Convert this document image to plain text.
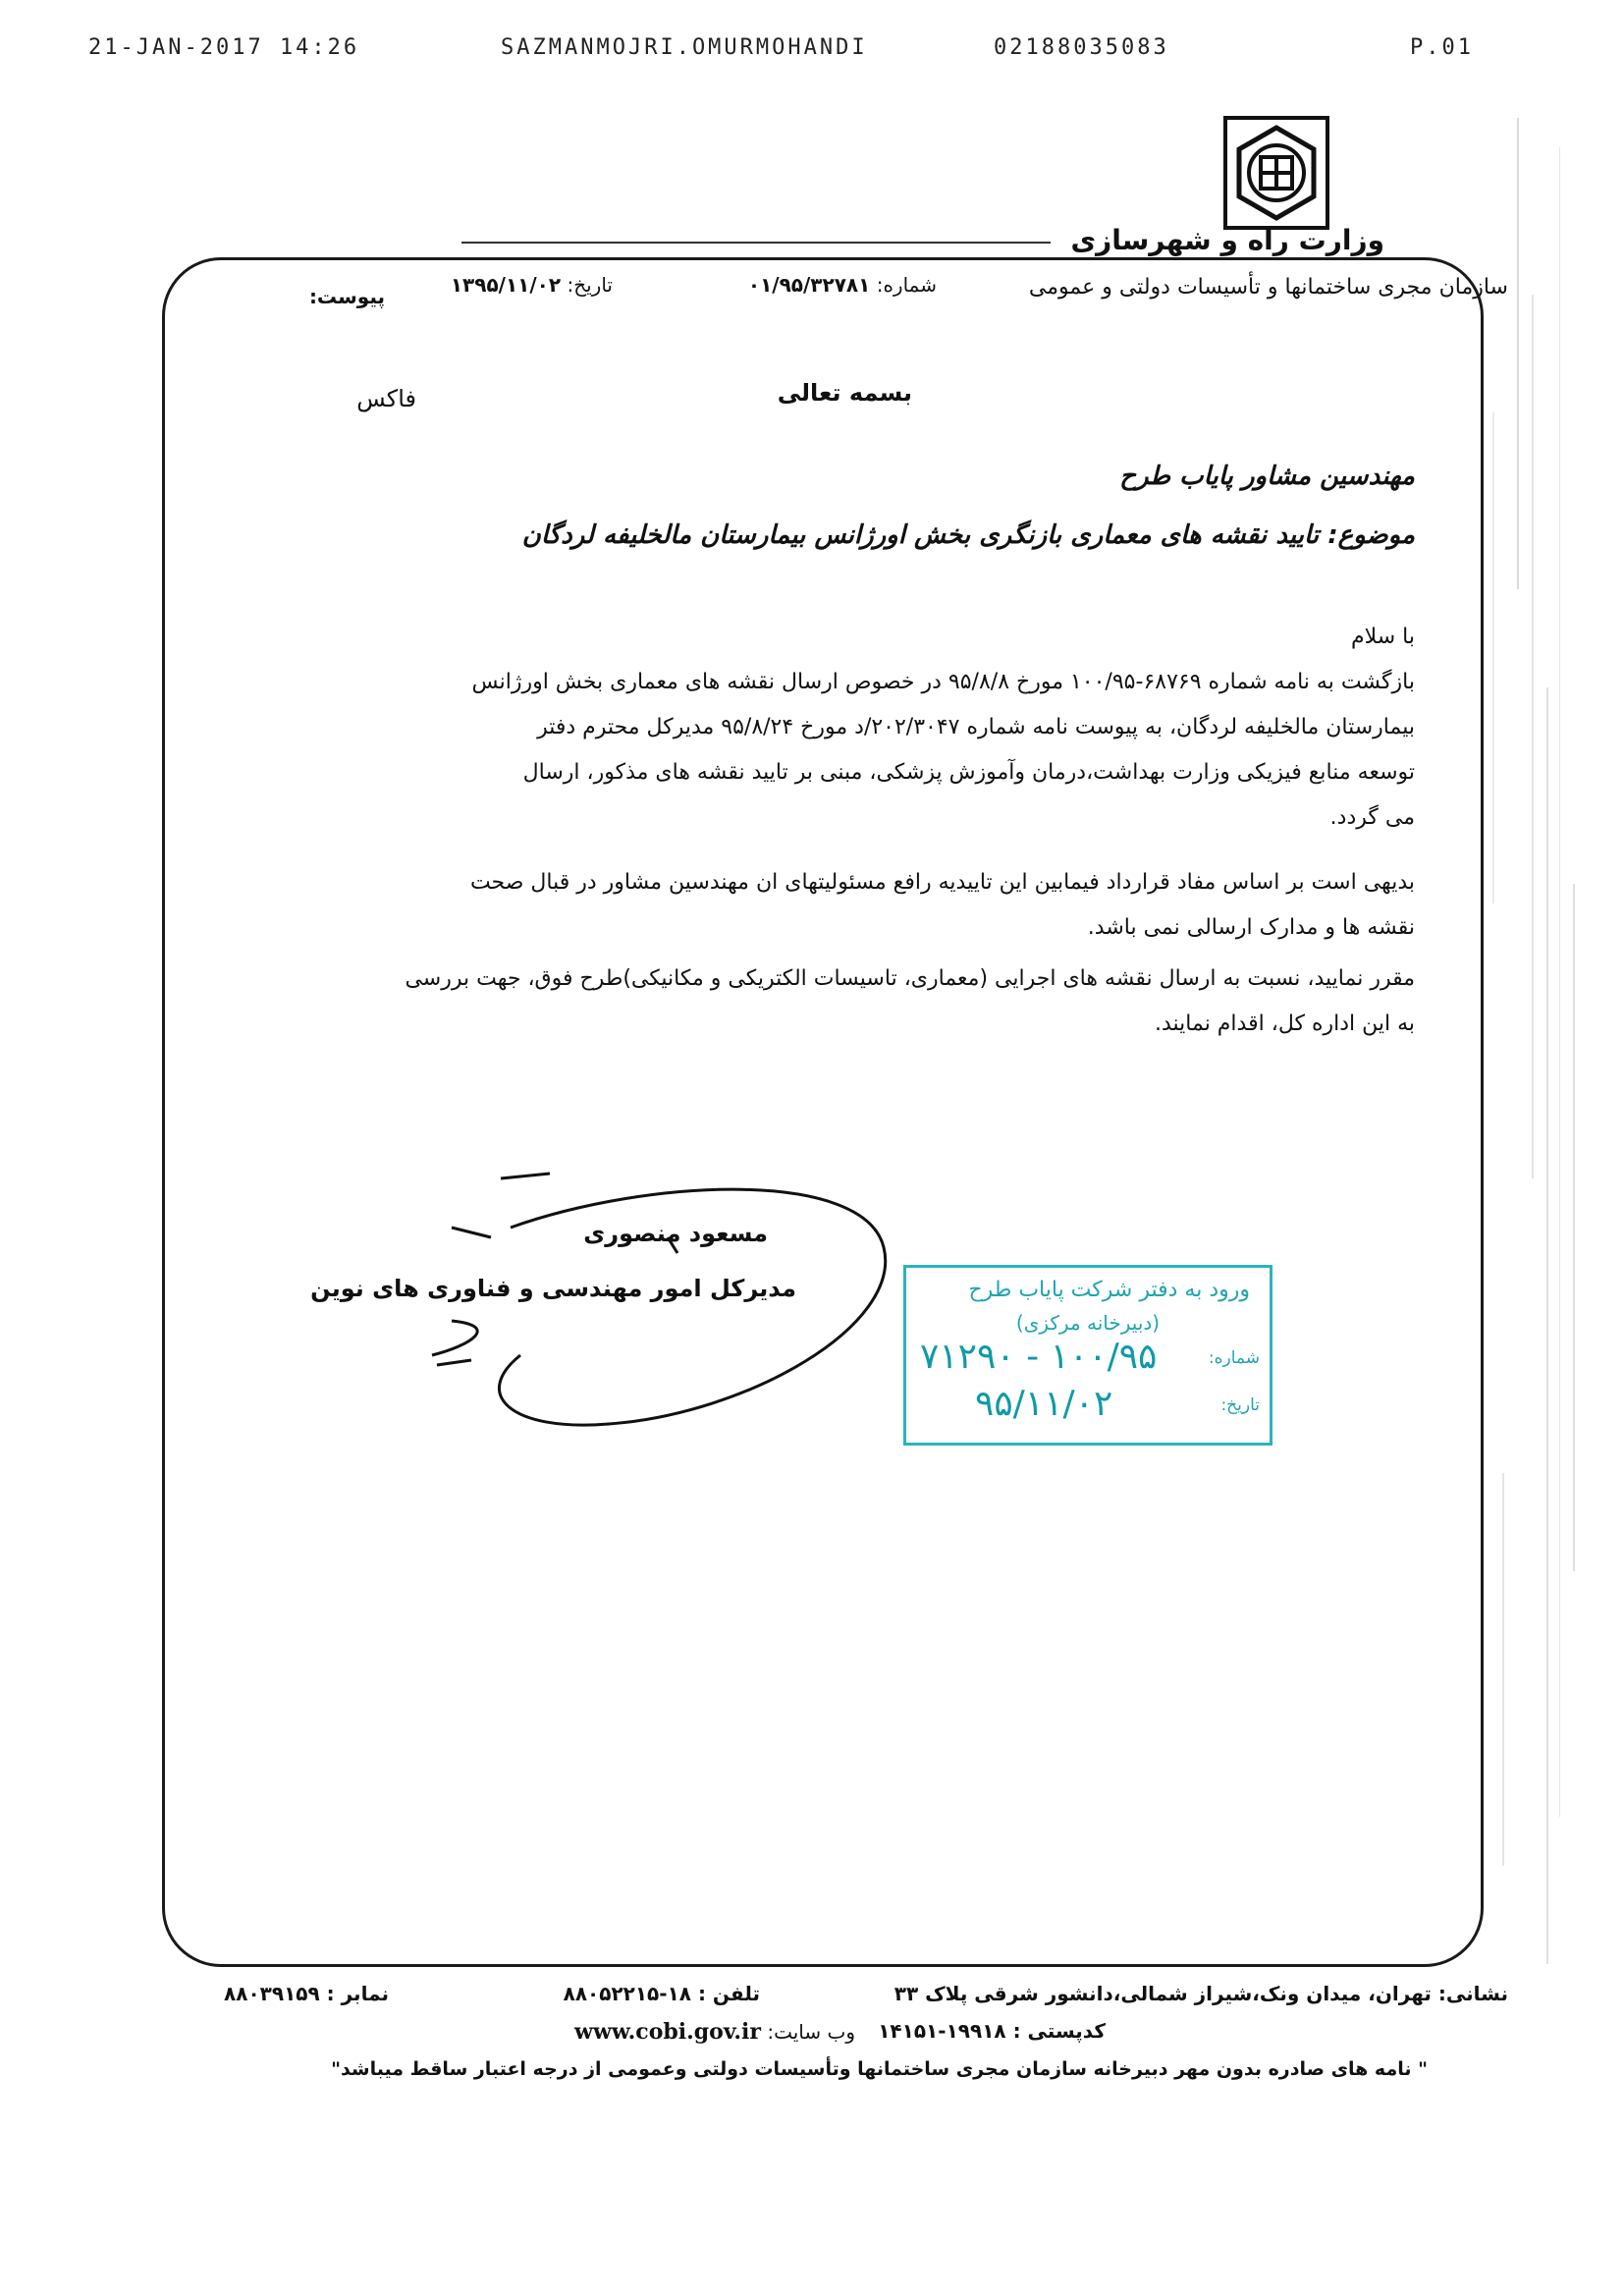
21-JAN-2017 14:26	SAZMANMOJRI.OMURMOHANDI	02188035083	P.01
وزارت راه و شهرسازی
سازمان مجری ساختمانها و تأسیسات دولتی و عمومی
شماره: ۰۱/۹۵/۳۲۷۸۱
تاریخ: ۱۳۹۵/۱۱/۰۲
پیوست:
بسمه تعالی
فاکس
مهندسین مشاور پایاب طرح
موضوع: تایید نقشه های معماری بازنگری بخش اورژانس بیمارستان مالخلیفه لردگان
با سلام
بازگشت به نامه شماره ۶۸۷۶۹-۱۰۰/۹۵ مورخ ۹۵/۸/۸ در خصوص ارسال نقشه های معماری بخش اورژانس
بیمارستان مالخلیفه لردگان، به پیوست نامه شماره ۲۰۲/۳۰۴۷/د مورخ ۹۵/۸/۲۴ مدیرکل محترم دفتر
توسعه منابع فیزیکی وزارت بهداشت،درمان وآموزش پزشکی، مبنی بر تایید نقشه های مذکور، ارسال
می گردد.
بدیهی است بر اساس مفاد قرارداد فیمابین این تاییدیه رافع مسئولیتهای ان مهندسین مشاور در قبال صحت
نقشه ها و مدارک ارسالی نمی باشد.
مقرر نمایید، نسبت به ارسال نقشه های اجرایی (معماری، تاسیسات الکتریکی و مکانیکی)طرح فوق، جهت بررسی
به این اداره کل، اقدام نمایند.
مسعود منصوری
مدیرکل امور مهندسی و فناوری های نوین	ورود به دفتر شرکت پایاب طرح
(دبیرخانه مرکزی)
شماره:
۱۰۰/۹۵ - ۷۱۲۹۰
تاریخ:
۹۵/۱۱/۰۲
نشانی: تهران، میدان ونک،شیراز شمالی،دانشور شرقی پلاک ۳۳
تلفن : ۱۸-۸۸۰۵۲۲۱۵
نمابر : ۸۸۰۳۹۱۵۹
کدپستی : ۱۹۹۱۸-۱۴۱۵۱
وب سایت: www.cobi.gov.ir
" نامه های صادره بدون مهر دبیرخانه سازمان مجری ساختمانها وتأسیسات دولتی وعمومی از درجه اعتبار ساقط میباشد"
